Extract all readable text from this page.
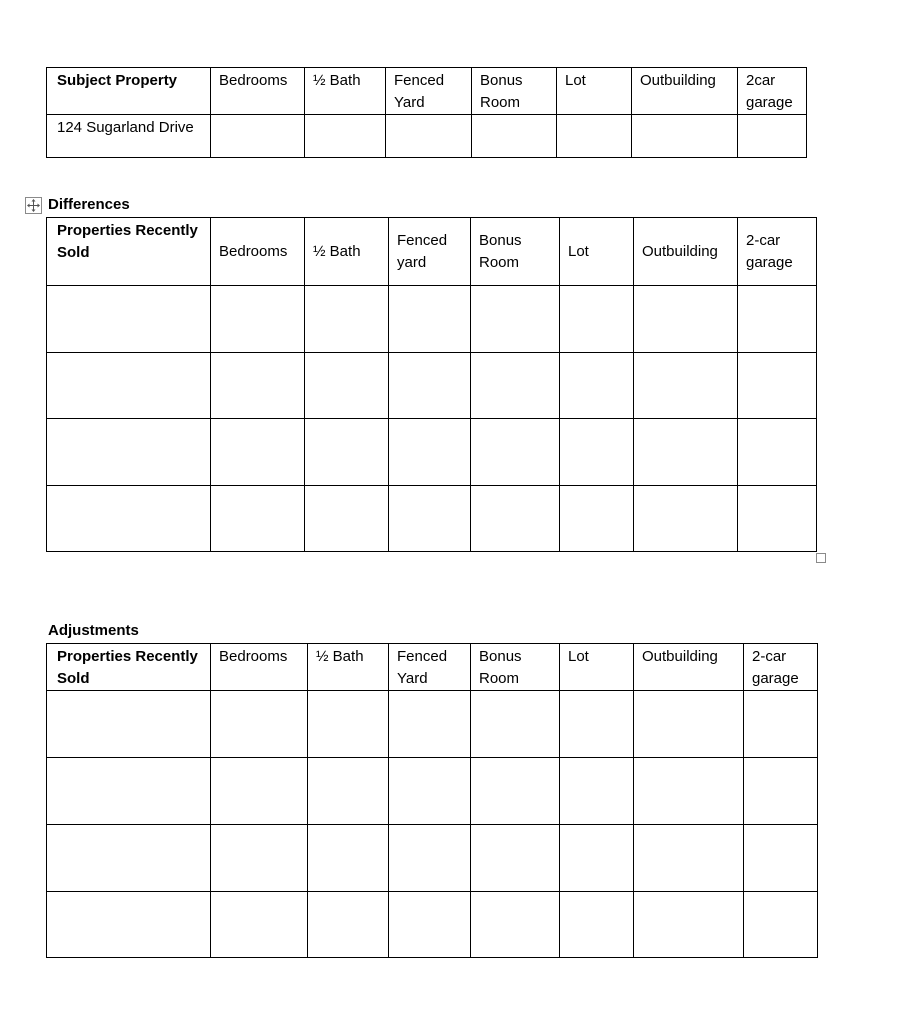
Subject Property	Bedrooms	½ Bath	Fenced Yard	Bonus Room	Lot	Outbuilding	2car garage
124 Sugarland Drive							

Differences

Properties Recently Sold	Bedrooms	½ Bath	Fenced yard	Bonus Room	Lot	Outbuilding	2-car garage

Adjustments

Properties Recently Sold	Bedrooms	½ Bath	Fenced Yard	Bonus Room	Lot	Outbuilding	2-car garage
